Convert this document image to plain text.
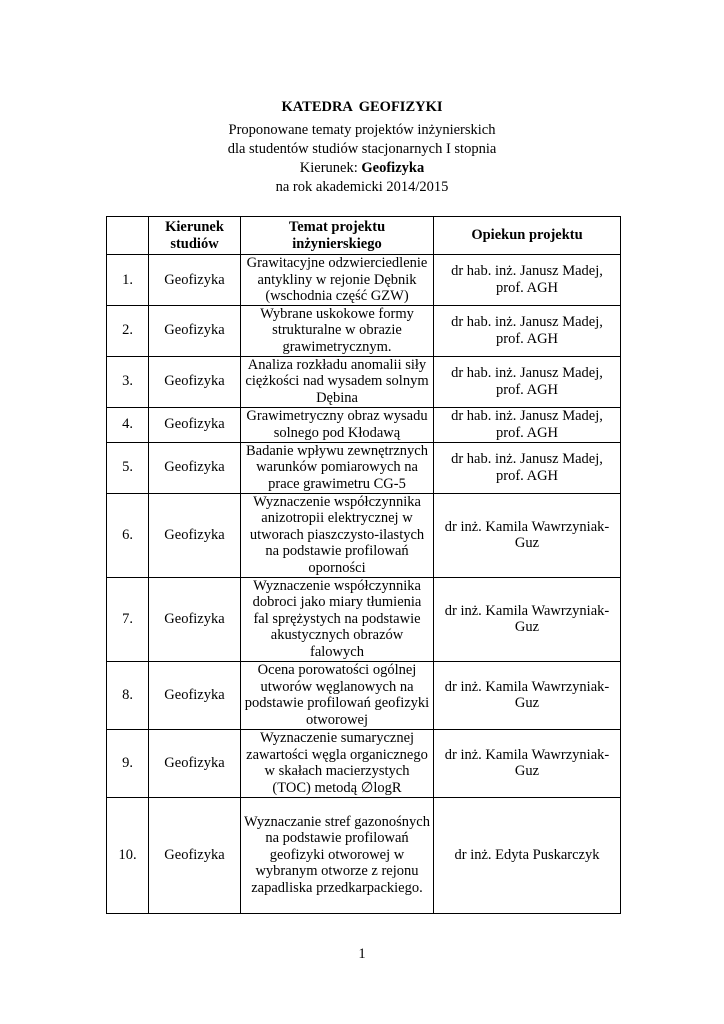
KATEDRA GEOFIZYKI
Proponowane tematy projektów inżynierskich
dla studentów studiów stacjonarnych I stopnia
Kierunek: Geofizyka
na rok akademicki 2014/2015
	Kierunek studiów	Temat projektu inżynierskiego	Opiekun projektu
1.	Geofizyka	Grawitacyjne odzwierciedlenie antykliny w rejonie Dębnik (wschodnia część GZW)	dr hab. inż. Janusz Madej, prof. AGH
2.	Geofizyka	Wybrane uskokowe formy strukturalne w obrazie grawimetrycznym.	dr hab. inż. Janusz Madej, prof. AGH
3.	Geofizyka	Analiza rozkładu anomalii siły ciężkości nad wysadem solnym Dębina	dr hab. inż. Janusz Madej, prof. AGH
4.	Geofizyka	Grawimetryczny obraz wysadu solnego pod Kłodawą	dr hab. inż. Janusz Madej, prof. AGH
5.	Geofizyka	Badanie wpływu zewnętrznych warunków pomiarowych na prace grawimetru CG-5	dr hab. inż. Janusz Madej, prof. AGH
6.	Geofizyka	Wyznaczenie współczynnika anizotropii elektrycznej w utworach piaszczysto-ilastych na podstawie profilowań oporności	dr inż. Kamila Wawrzyniak-Guz
7.	Geofizyka	Wyznaczenie współczynnika dobroci jako miary tłumienia fal sprężystych na podstawie akustycznych obrazów falowych	dr inż. Kamila Wawrzyniak-Guz
8.	Geofizyka	Ocena porowatości ogólnej utworów węglanowych na podstawie profilowań geofizyki otworowej	dr inż. Kamila Wawrzyniak-Guz
9.	Geofizyka	Wyznaczenie sumarycznej zawartości węgla organicznego w skałach macierzystych (TOC) metodą ∅logR	dr inż. Kamila Wawrzyniak-Guz
10.	Geofizyka	Wyznaczanie stref gazonośnych na podstawie profilowań geofizyki otworowej w wybranym otworze z rejonu zapadliska przedkarpackiego.	dr inż. Edyta Puskarczyk
1
